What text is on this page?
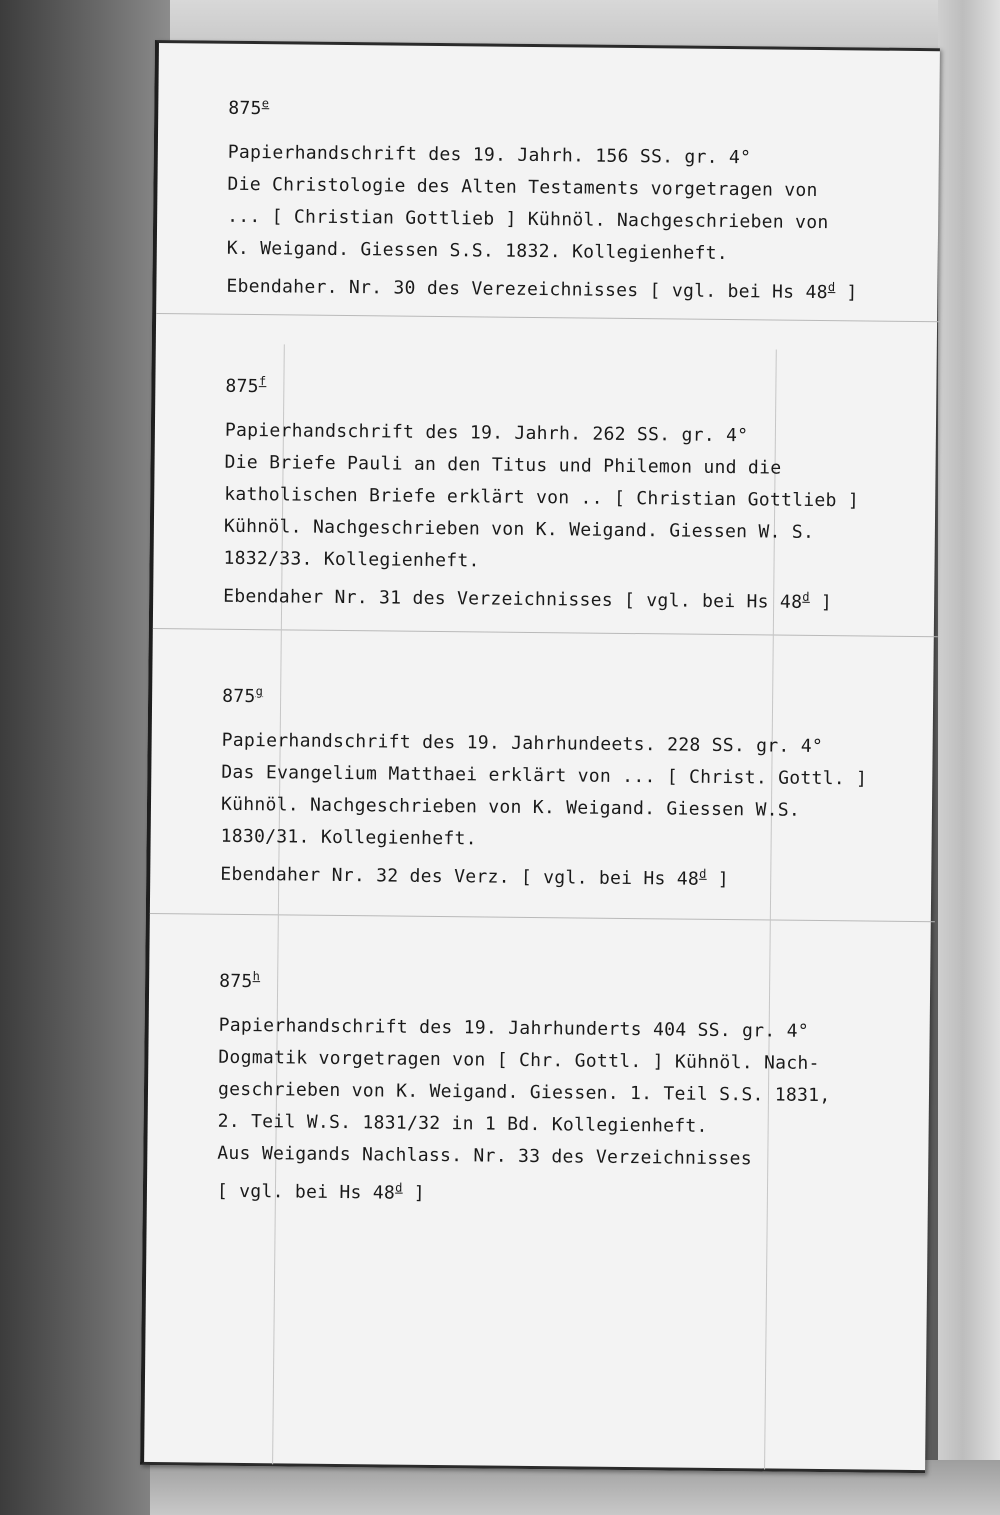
875e
Papierhandschrift des 19. Jahrh. 156 SS. gr. 4°
Die Christologie des Alten Testaments vorgetragen von
... [ Christian Gottlieb ] Kühnöl. Nachgeschrieben von
K. Weigand. Giessen S.S. 1832. Kollegienheft.
Ebendaher. Nr. 30 des Verezeichnisses [ vgl. bei Hs 48$^d$ ]
875$^f$
Papierhandschrift des 19. Jahrh. 262 SS. gr. 4°
Die Briefe Pauli an den Titus und Philemon und die
katholischen Briefe erklärt von .. [ Christian Gottlieb ]
Kühnöl. Nachgeschrieben von K. Weigand. Giessen W. S.
1832/33. Kollegienheft.
Ebendaher Nr. 31 des Verzeichnisses [ vgl. bei Hs 48$^d$ ]
875$^g$
Papierhandschrift des 19. Jahrhundeets. 228 SS. gr. 4°
Das Evangelium Matthaei erklärt von ... [ Christ. Gottl. ]
Kühnöl. Nachgeschrieben von K. Weigand. Giessen W.S.
1830/31. Kollegienheft.
Ebendaher Nr. 32 des Verz. [ vgl. bei Hs 48$^d$ ]
875$^h$
Papierhandschrift des 19. Jahrhunderts 404 SS. gr. 4°
Dogmatik vorgetragen von [ Chr. Gottl. ] Kühnöl. Nach-
geschrieben von K. Weigand. Giessen. 1. Teil S.S. 1831,
2. Teil W.S. 1831/32 in 1 Bd. Kollegienheft.
Aus Weigands Nachlass. Nr. 33 des Verzeichnisses
[ vgl. bei Hs 48$^d$ ]
